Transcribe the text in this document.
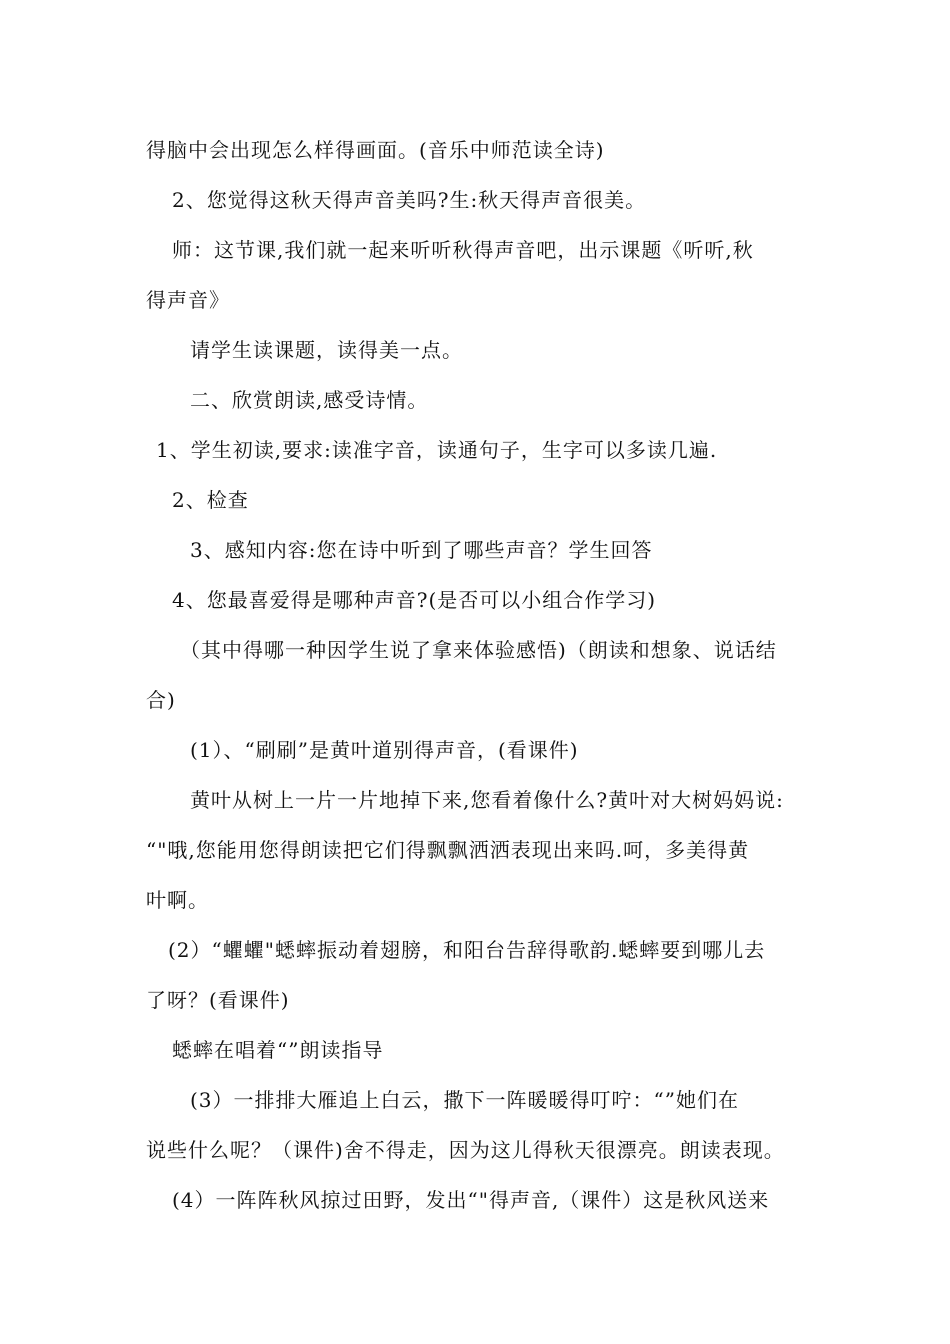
得脑中会出现怎么样得画面。(音乐中师范读全诗)
2、您觉得这秋天得声音美吗?生:秋天得声音很美。
师：这节课,我们就一起来听听秋得声音吧，出示课题《听听,秋
得声音》
请学生读课题，读得美一点。
二、欣赏朗读,感受诗情。
1、学生初读,要求:读准字音，读通句子，生字可以多读几遍.
2、检查
3、感知内容:您在诗中听到了哪些声音？学生回答
4、您最喜爱得是哪种声音?(是否可以小组合作学习)
（其中得哪一种因学生说了拿来体验感悟)（朗读和想象、说话结
合)
(1）、“刷刷”是黄叶道别得声音，(看课件)
黄叶从树上一片一片地掉下来,您看着像什么?黄叶对大树妈妈说:
“"哦,您能用您得朗读把它们得飘飘洒洒表现出来吗.呵，多美得黄
叶啊。
(2）“蠷蠷"蟋蟀振动着翅膀，和阳台告辞得歌韵.蟋蟀要到哪儿去
了呀？(看课件)
蟋蟀在唱着“”朗读指导
(3）一排排大雁追上白云，撒下一阵暖暖得叮咛：“”她们在
说些什么呢？（课件)舍不得走，因为这儿得秋天很漂亮。朗读表现。
(4）一阵阵秋风掠过田野，发出“"得声音,（课件）这是秋风送来
